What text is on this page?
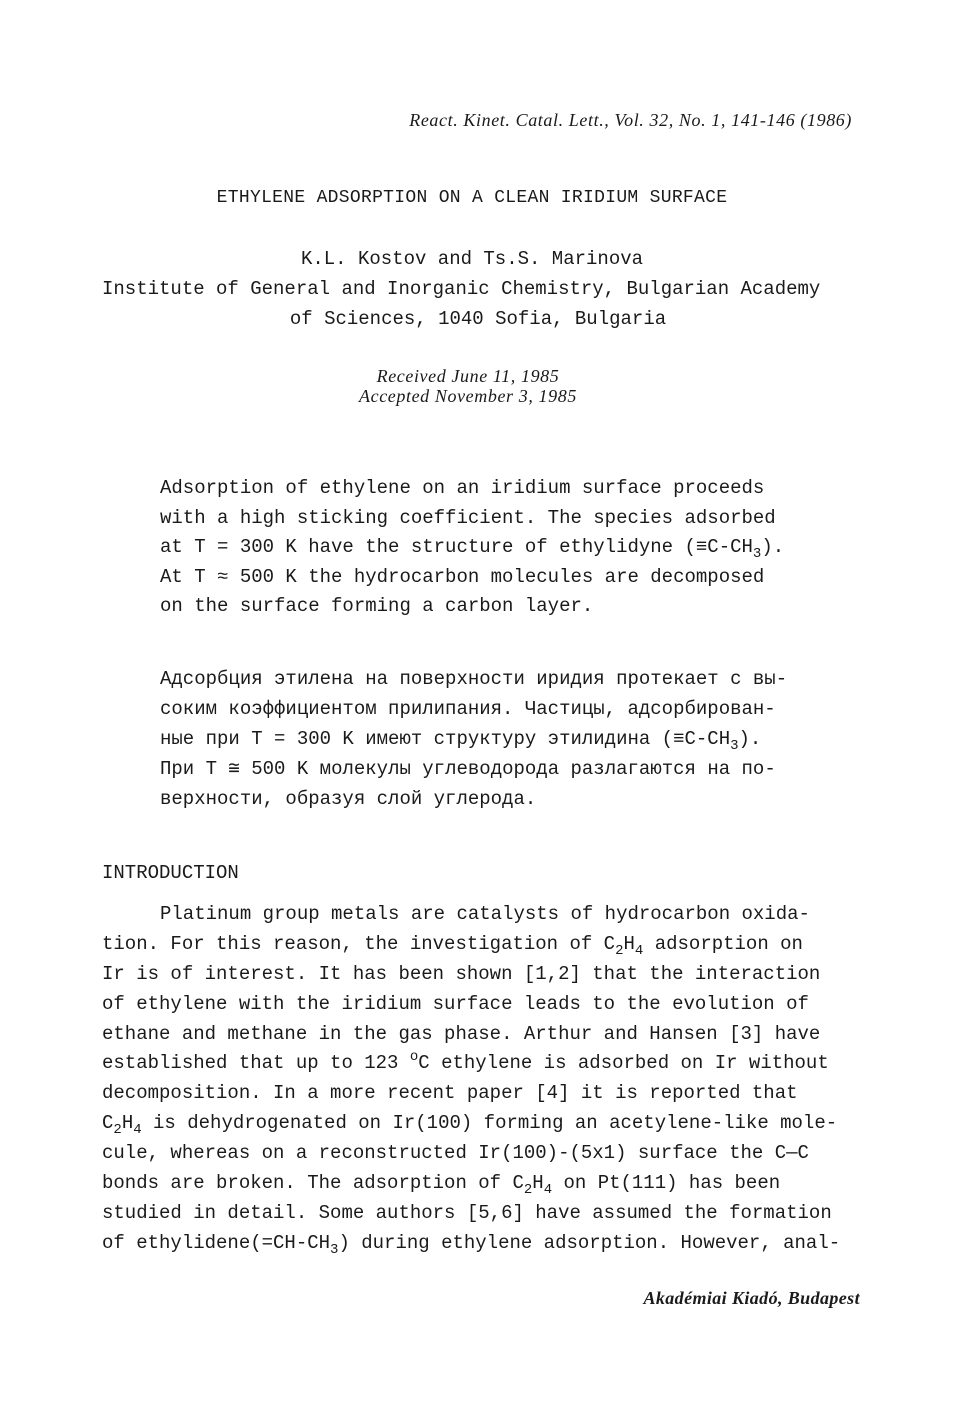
React. Kinet. Catal. Lett., Vol. 32, No. 1, 141-146 (1986)
ETHYLENE ADSORPTION ON A CLEAN IRIDIUM SURFACE
K.L. Kostov and Ts.S. Marinova
Institute of General and Inorganic Chemistry, Bulgarian Academy
of Sciences, 1040 Sofia, Bulgaria
Received June 11, 1985
Accepted November 3, 1985
Adsorption of ethylene on an iridium surface proceeds
with a high sticking coefficient. The species adsorbed
at T = 300 K have the structure of ethylidyne $(\equiv C-CH_3)$.
At T ≈ 500 K the hydrocarbon molecules are decomposed
on the surface forming a carbon layer.
Адсорбция этилена на поверхности иридия протекает с вы-
соким коэффициентом прилипания. Частицы, адсорбирован-
ные при T = 300 K имеют структуру этилидина $(\equiv C-CH_3)$.
При T ≅ 500 K молекулы углеводорода разлагаются на по-
верхности, образуя слой углерода.
INTRODUCTION
Platinum group metals are catalysts of hydrocarbon oxida-
tion. For this reason, the investigation of $C_2H_4$ adsorption on
Ir is of interest. It has been shown [1,2] that the interaction
of ethylene with the iridium surface leads to the evolution of
ethane and methane in the gas phase. Arthur and Hansen [3] have
established that up to 123 $^o$C ethylene is adsorbed on Ir without
decomposition. In a more recent paper [4] it is reported that
$C_2H_4$ is dehydrogenated on Ir(100) forming an acetylene-like mole-
cule, whereas on a reconstructed Ir(100)-(5x1) surface the C—C
bonds are broken. The adsorption of $C_2H_4$ on Pt(111) has been
studied in detail. Some authors [5,6] have assumed the formation
of $ethylidene(=CH-CH_3)$ during ethylene adsorption. However, anal-
Akadémiai Kiadó, Budapest
